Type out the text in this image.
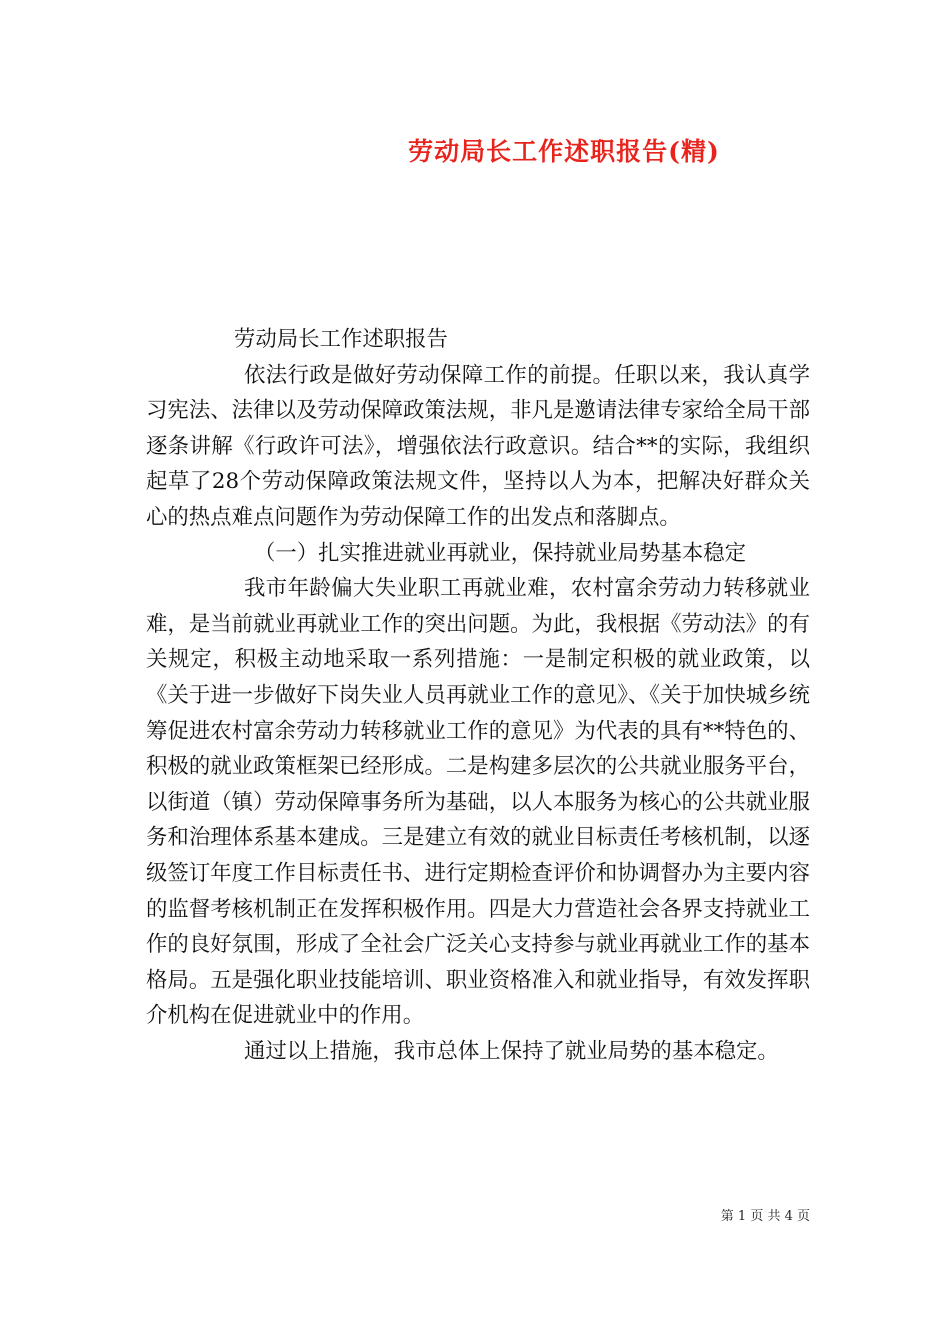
劳动局长工作述职报告(精)

劳动局长工作述职报告

依法行政是做好劳动保障工作的前提。任职以来，我认真学习宪法、法律以及劳动保障政策法规，非凡是邀请法律专家给全局干部逐条讲解《行政许可法》，增强依法行政意识。结合**的实际，我组织起草了28个劳动保障政策法规文件，坚持以人为本，把解决好群众关心的热点难点问题作为劳动保障工作的出发点和落脚点。

（一）扎实推进就业再就业，保持就业局势基本稳定

我市年龄偏大失业职工再就业难，农村富余劳动力转移就业难，是当前就业再就业工作的突出问题。为此，我根据《劳动法》的有关规定，积极主动地采取一系列措施：一是制定积极的就业政策，以《关于进一步做好下岗失业人员再就业工作的意见》、《关于加快城乡统筹促进农村富余劳动力转移就业工作的意见》为代表的具有**特色的、积极的就业政策框架已经形成。二是构建多层次的公共就业服务平台，以街道（镇）劳动保障事务所为基础，以人本服务为核心的公共就业服务和治理体系基本建成。三是建立有效的就业目标责任考核机制，以逐级签订年度工作目标责任书、进行定期检查评价和协调督办为主要内容的监督考核机制正在发挥积极作用。四是大力营造社会各界支持就业工作的良好氛围，形成了全社会广泛关心支持参与就业再就业工作的基本格局。五是强化职业技能培训、职业资格准入和就业指导，有效发挥职介机构在促进就业中的作用。

通过以上措施，我市总体上保持了就业局势的基本稳定。

第 1 页 共 4 页
